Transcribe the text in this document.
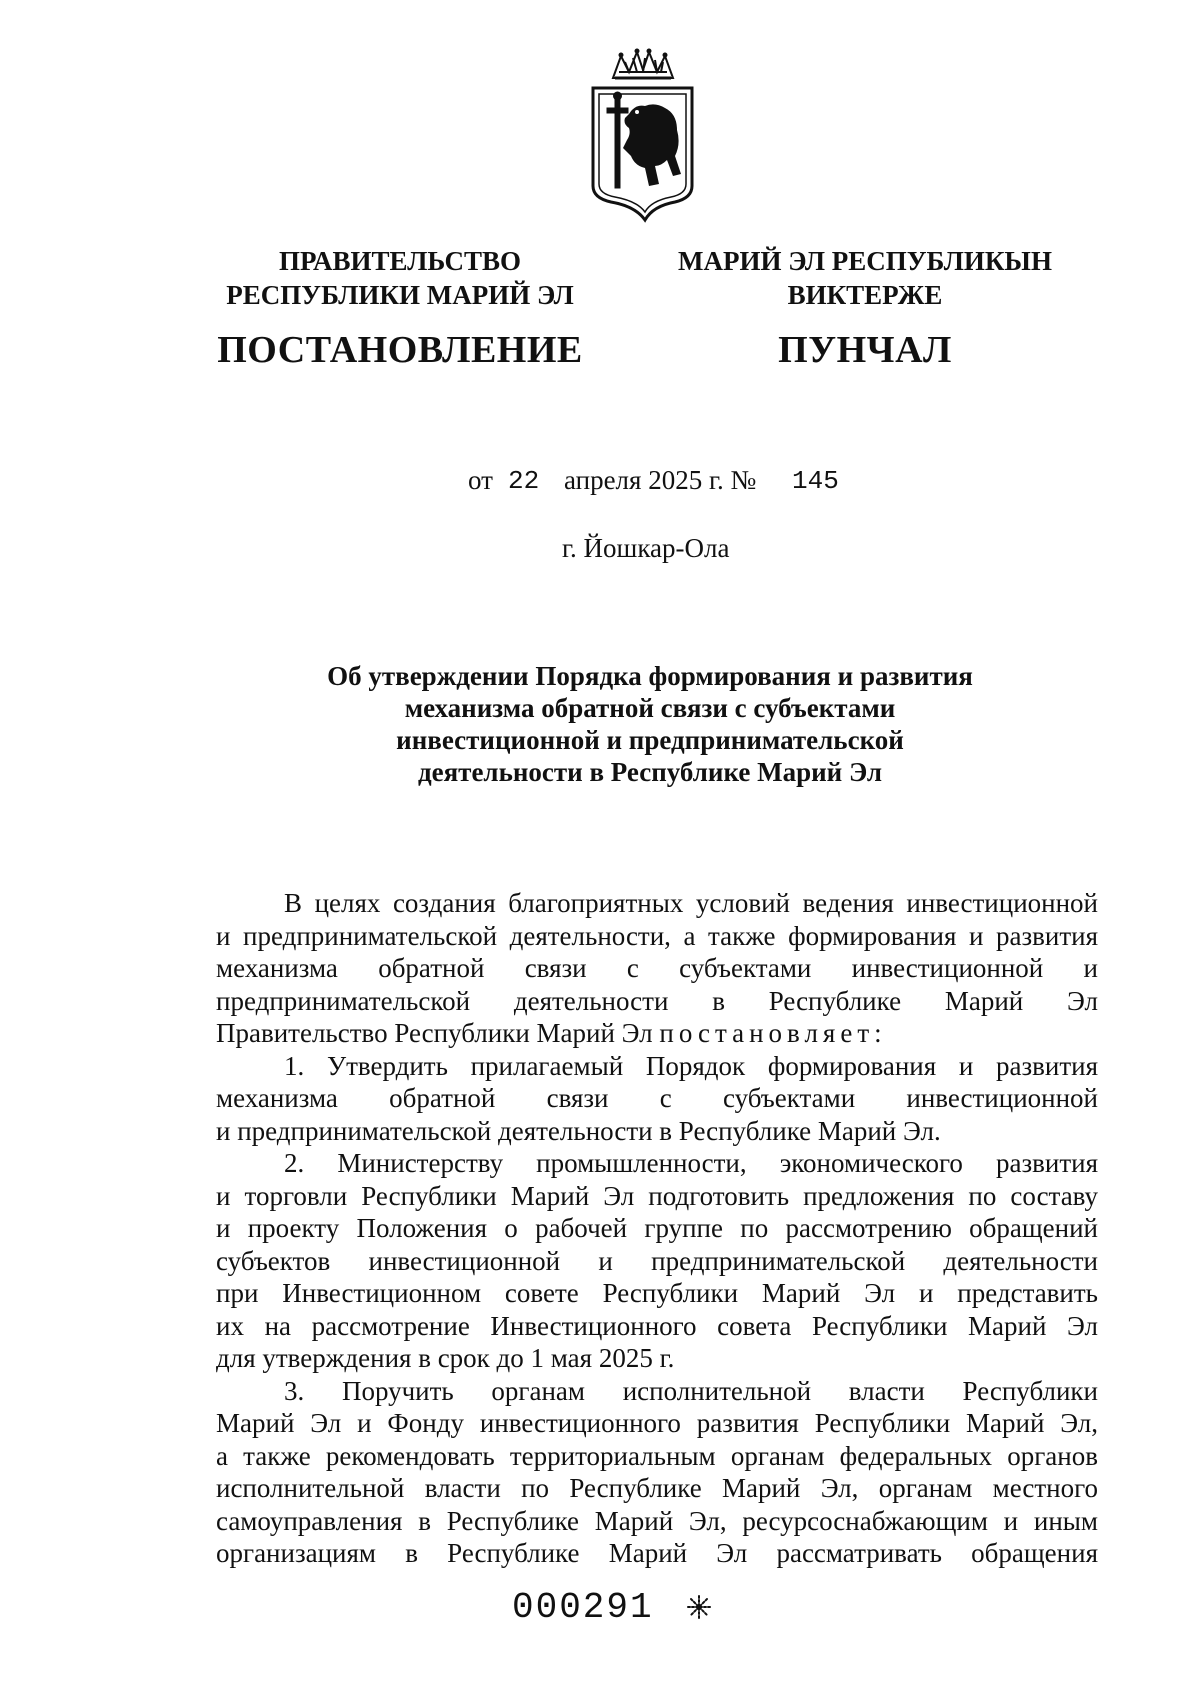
ПРАВИТЕЛЬСТВО
РЕСПУБЛИКИ МАРИЙ ЭЛ
ПОСТАНОВЛЕНИЕ
МАРИЙ ЭЛ РЕСПУБЛИКЫН
ВИКТЕРЖЕ
ПУНЧАЛ
от 22 апреля 2025 г. № 145
г. Йошкар-Ола
Об утверждении Порядка формирования и развития
механизма обратной связи с субъектами
инвестиционной и предпринимательской
деятельности в Республике Марий Эл
В целях создания благоприятных условий ведения инвестиционной
и предпринимательской деятельности, а также формирования и развития
механизма обратной связи с субъектами инвестиционной и
предпринимательской деятельности в Республике Марий Эл
Правительство Республики Марий Эл постановляет:
1. Утвердить прилагаемый Порядок формирования и развития
механизма обратной связи с субъектами инвестиционной
и предпринимательской деятельности в Республике Марий Эл.
2. Министерству промышленности, экономического развития
и торговли Республики Марий Эл подготовить предложения по составу
и проекту Положения о рабочей группе по рассмотрению обращений
субъектов инвестиционной и предпринимательской деятельности
при Инвестиционном совете Республики Марий Эл и представить
их на рассмотрение Инвестиционного совета Республики Марий Эл
для утверждения в срок до 1 мая 2025 г.
3. Поручить органам исполнительной власти Республики
Марий Эл и Фонду инвестиционного развития Республики Марий Эл,
а также рекомендовать территориальным органам федеральных органов
исполнительной власти по Республике Марий Эл, органам местного
самоуправления в Республике Марий Эл, ресурсоснабжающим и иным
организациям в Республике Марий Эл рассматривать обращения
000291
